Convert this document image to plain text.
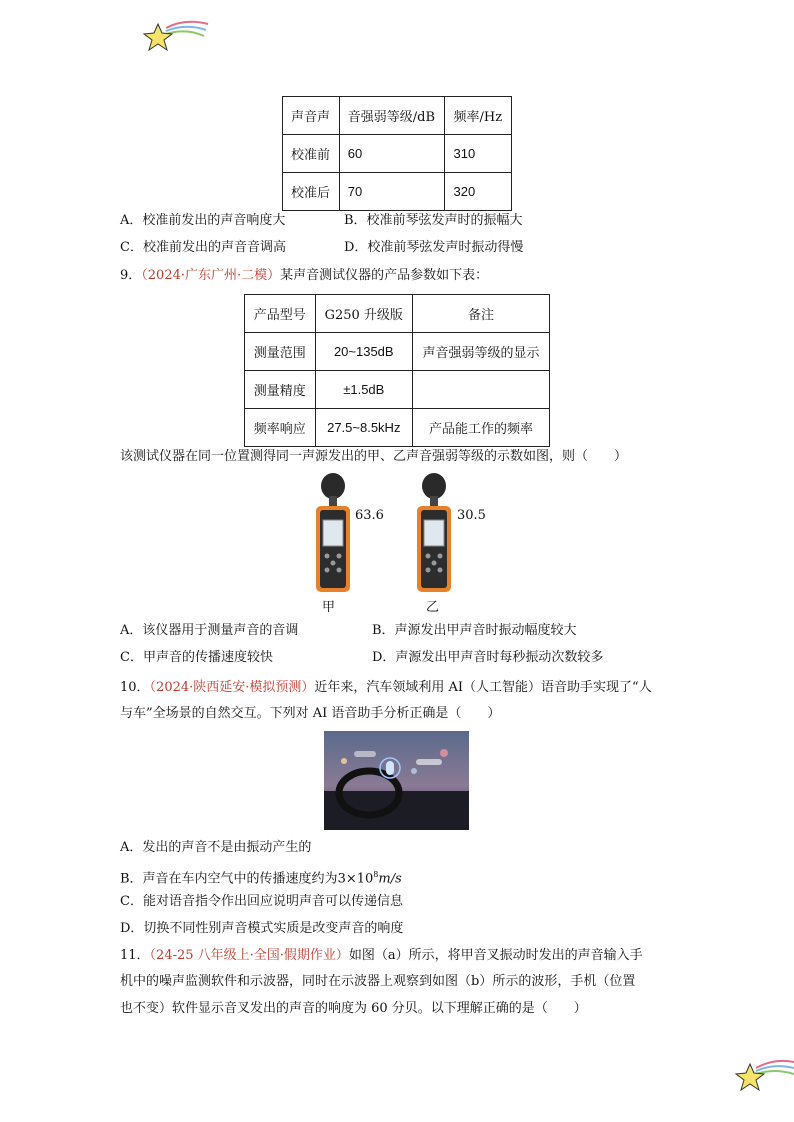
声音声	音强弱等级/dB	频率/Hz
校准前	60	310
校准后	70	320
A．校准前发出的声音响度大	B．校准前琴弦发声时的振幅大
C．校准前发出的声音音调高	D．校准前琴弦发声时振动得慢
9．（2024·广东广州·二模）某声音测试仪器的产品参数如下表：
产品型号	G250 升级版	备注
测量范围	20~135dB	声音强弱等级的显示
测量精度	±1.5dB	
频率响应	27.5~8.5kHz	产品能工作的频率
该测试仪器在同一位置测得同一声源发出的甲、乙声音强弱等级的示数如图，则（　　）
63.6
甲
30.5
乙
A．该仪器用于测量声音的音调	B．声源发出甲声音时振动幅度较大
C．甲声音的传播速度较快	D．声源发出甲声音时每秒振动次数较多
10．（2024·陕西延安·模拟预测）近年来，汽车领域利用 AI（人工智能）语音助手实现了“人
与车”全场景的自然交互。下列对 AI 语音助手分析正确是（　　）
A．发出的声音不是由振动产生的
B．声音在车内空气中的传播速度约为$3\times 10^8m/s$
C．能对语音指令作出回应说明声音可以传递信息
D．切换不同性别声音模式实质是改变声音的响度
11．（24-25 八年级上·全国·假期作业）如图（a）所示，将甲音叉振动时发出的声音输入手
机中的噪声监测软件和示波器，同时在示波器上观察到如图（b）所示的波形，手机（位置
也不变）软件显示音叉发出的声音的响度为 60 分贝。以下理解正确的是（　　）
